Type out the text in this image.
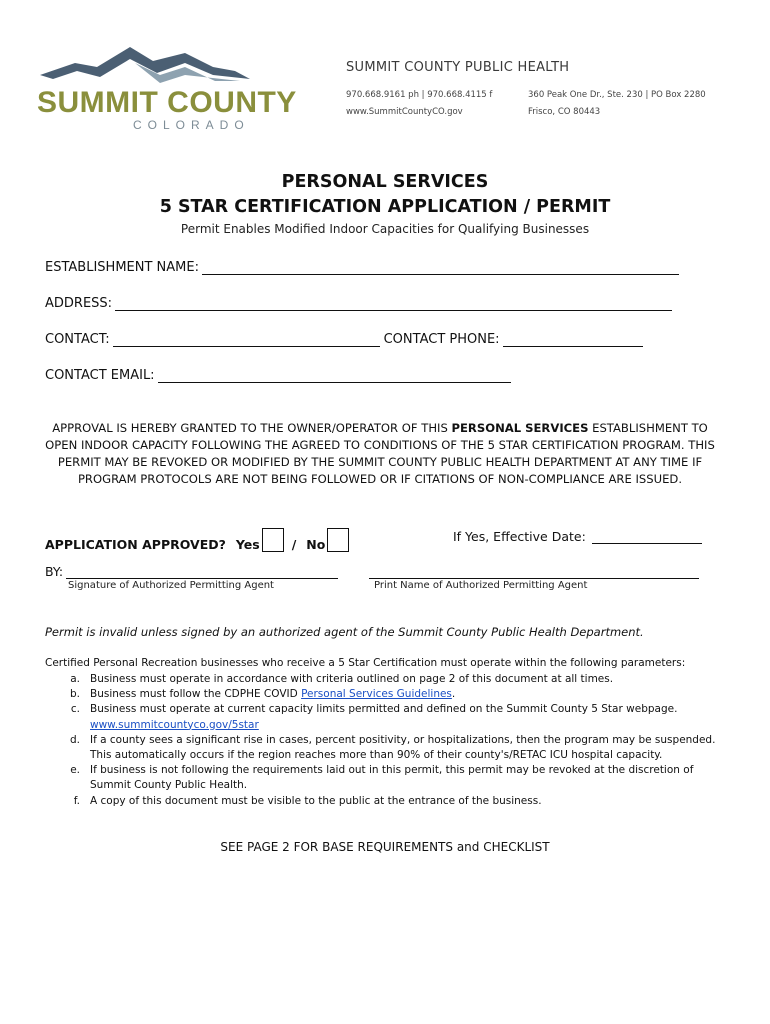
SUMMIT COUNTY
COLORADO
SUMMIT COUNTY PUBLIC HEALTH
970.668.9161 ph | 970.668.4115 f
www.SummitCountyCO.gov
360 Peak One Dr., Ste. 230 | PO Box 2280
Frisco, CO 80443
PERSONAL SERVICES
5 STAR CERTIFICATION APPLICATION / PERMIT
Permit Enables Modified Indoor Capacities for Qualifying Businesses
ESTABLISHMENT NAME:
ADDRESS:
CONTACT:	CONTACT PHONE:
CONTACT EMAIL:
APPROVAL IS HEREBY GRANTED TO THE OWNER/OPERATOR OF THIS PERSONAL SERVICES ESTABLISHMENT TO OPEN INDOOR CAPACITY FOLLOWING THE AGREED TO CONDITIONS OF THE 5 STAR CERTIFICATION PROGRAM. THIS PERMIT MAY BE REVOKED OR MODIFIED BY THE SUMMIT COUNTY PUBLIC HEALTH DEPARTMENT AT ANY TIME IF PROGRAM PROTOCOLS ARE NOT BEING FOLLOWED OR IF CITATIONS OF NON-COMPLIANCE ARE ISSUED.
APPLICATION APPROVED? Yes	/ No
If Yes, Effective Date:
BY:
Signature of Authorized Permitting Agent	Print Name of Authorized Permitting Agent
Permit is invalid unless signed by an authorized agent of the Summit County Public Health Department.
Certified Personal Recreation businesses who receive a 5 Star Certification must operate within the following parameters:
a. Business must operate in accordance with criteria outlined on page 2 of this document at all times.
b. Business must follow the CDPHE COVID Personal Services Guidelines.
c. Business must operate at current capacity limits permitted and defined on the Summit County 5 Star webpage.
www.summitcountyco.gov/5star
d. If a county sees a significant rise in cases, percent positivity, or hospitalizations, then the program may be suspended. This automatically occurs if the region reaches more than 90% of their county's/RETAC ICU hospital capacity.
e. If business is not following the requirements laid out in this permit, this permit may be revoked at the discretion of Summit County Public Health.
f. A copy of this document must be visible to the public at the entrance of the business.
SEE PAGE 2 FOR BASE REQUIREMENTS and CHECKLIST
